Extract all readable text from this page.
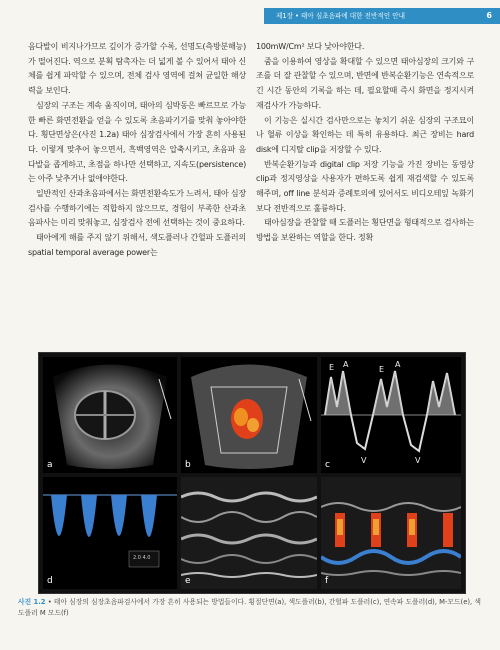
제1장 • 태아 심초음파에 대한 전반적인 안내	6

음다발이 비지나가므로 깊이가 증가할 수록, 선명도(측방분해능)가 떨어진다. 역으로 분획 탐촉자는 더 넓게 볼 수 있어서 태아 신체를 쉽게 파악할 수 있으며, 전체 검사 영역에 걸쳐 균일한 해상력을 보인다.

심장의 구조는 계속 움직이며, 태아의 심박동은 빠르므로 가능한 빠른 화면전환을 얻을 수 있도록 초음파기기를 맞춰 놓아야한다. 횡단면상은(사진 1.2a) 태아 심장검사에서 가장 흔히 사용된다. 이렇게 맞추어 놓으면서, 흑백영역은 압축시키고, 초음파 음다발을 좁게하고, 초점을 하나만 선택하고, 지속도(persistence)는 아주 낮추거나 없애야한다.

일반적인 산과초음파에서는 화면전환속도가 느려서, 태아 심장검사를 수행하기에는 적합하지 않으므로, 경험이 부족한 산과초음파사는 미리 맞춰놓고, 심장검사 전에 선택하는 것이 중요하다.

태아에게 해를 주지 않기 위해서, 색도플러나 간헐파 도플러의 spatial temporal average power는

100mW/Cm² 보다 낮아야한다.

줌을 이용하여 영상을 확대할 수 있으면 태아심장의 크기와 구조를 더 잘 관찰할 수 있으며, 반면에 반복순환기능은 연속적으로 긴 시간 동안의 기록을 하는 데, 필요할때 즉시 화면을 정지시켜 재검사가 가능하다.

이 기능은 실시간 검사만으로는 놓치기 쉬운 심장의 구조묘이나 혈류 이상을 확인하는 데 특히 유용하다. 최근 장비는 hard disk에 디지탈 clip을 저장할 수 있다.

반복순환기능과 digital clip 저장 기능을 가진 장비는 동영상 clip과 정지영상을 사용자가 편하도록 쉽게 재검색할 수 있도록 해주며, off line 분석과 증례토의에 있어서도 비디오테잎 녹화기보다 전반적으로 훌륭하다.

태아심장을 관찰할 때 도플러는 횡단면을 형태적으로 검사하는 방법을 보완하는 역할을 한다. 정확

a	b
E A
E
A
V	V
c
2.0 4.0
d	e	f
사진 1.2 • 태아 심장의 심장초음파검사에서 가장 흔히 사용되는 방법들이다. 횡절단면(a), 색도플러(b), 간헐파 도플러(c), 연속파 도플러(d), M-모드(e), 색도플러 M 모드(f)
